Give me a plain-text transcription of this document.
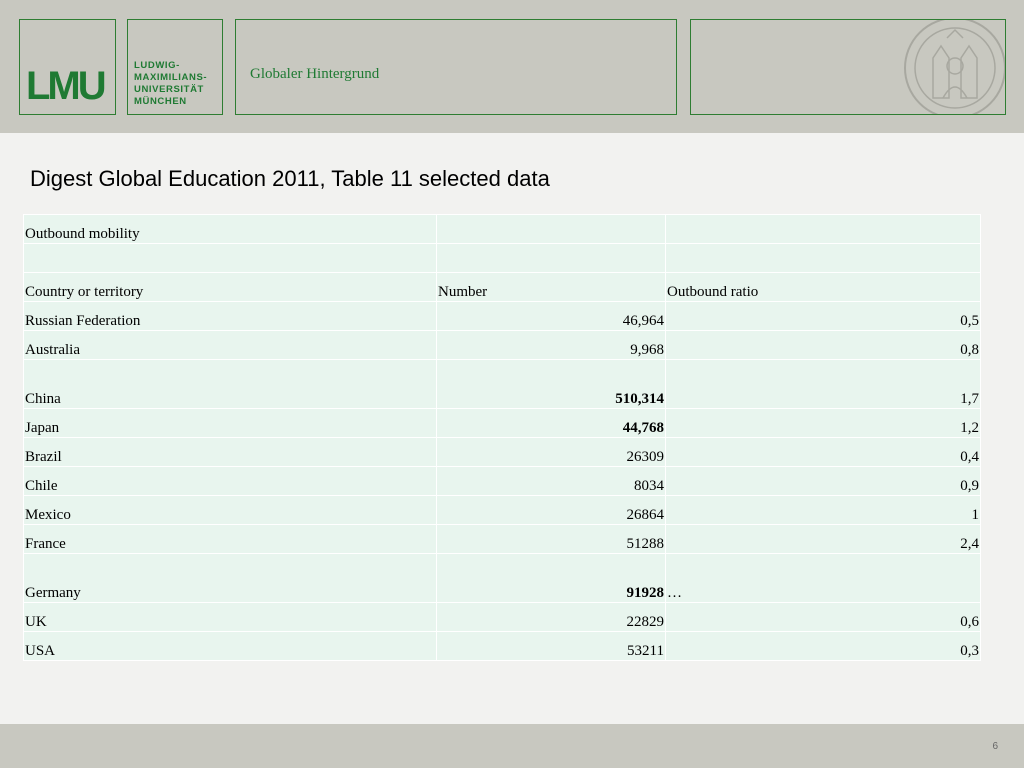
LMU	LUDWIG-
MAXIMILIANS-
UNIVERSITÄT
MÜNCHEN
Globaler Hintergrund
Digest Global Education 2011, Table 11 selected data
Outbound mobility		

Country or territory	Number	Outbound ratio
Russian Federation	46,964	0,5
Australia	9,968	0,8
China	510,314	1,7
Japan	44,768	1,2
Brazil	26309	0,4
Chile	8034	0,9
Mexico	26864	1
France	51288	2,4
Germany	91928	…
UK	22829	0,6
USA	53211	0,3
6
